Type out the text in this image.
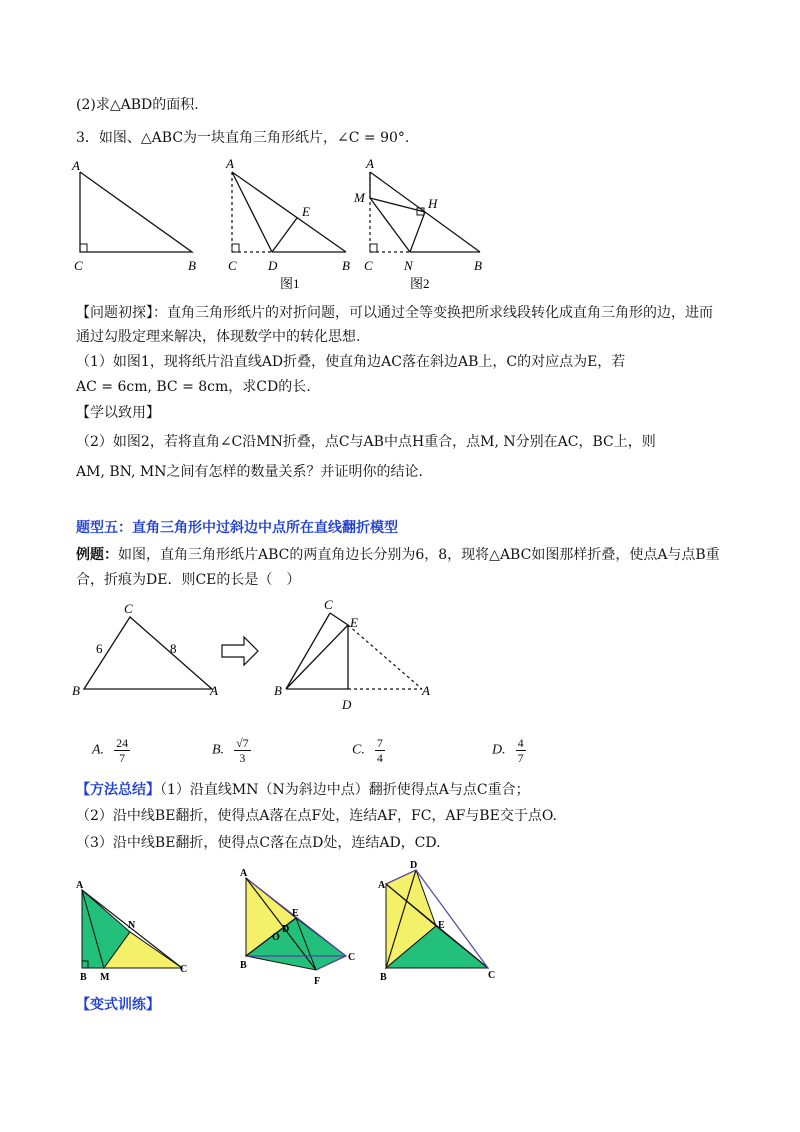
(2)求△ABD的面积.
3．如图、△ABC为一块直角三角形纸片，∠C = 90°.
A
C	B
A
C D
E
B
图1
A
M	H
C N	B
图2
【问题初探】：直角三角形纸片的对折问题，可以通过全等变换把所求线段转化成直角三角形的边，进而
通过勾股定理来解决，体现数学中的转化思想.
（1）如图1，现将纸片沿直线AD折叠，使直角边AC落在斜边AB上，C的对应点为E，若
AC = 6cm, BC = 8cm，求CD的长.
【学以致用】
（2）如图2，若将直角∠C沿MN折叠，点C与AB中点H重合，点M, N分别在AC，BC上，则
AM, BN, MN之间有怎样的数量关系？并证明你的结论.
题型五：直角三角形中过斜边中点所在直线翻折模型
例题：如图，直角三角形纸片ABC的两直角边长分别为6，8，现将△ABC如图那样折叠，使点A与点B重
合，折痕为DE．则CE的长是（　）
C
B	A
6	8
C
E
B
D
A
A. $\frac{24}{7}$	B. $\frac{√7}{3}$	C. $\frac{7}{4}$	D. $\frac{4}{7}$
【方法总结】（1）沿直线MN（N为斜边中点）翻折使得点A与点C重合；
（2）沿中线BE翻折，使得点A落在点F处，连结AF，FC，AF与BE交于点O.
（3）沿中线BE翻折，使得点C落在点D处，连结AD，CD.
A
N
B M
C
A
E
D
O
B
C
F
D
A
E
B	C
【变式训练】
